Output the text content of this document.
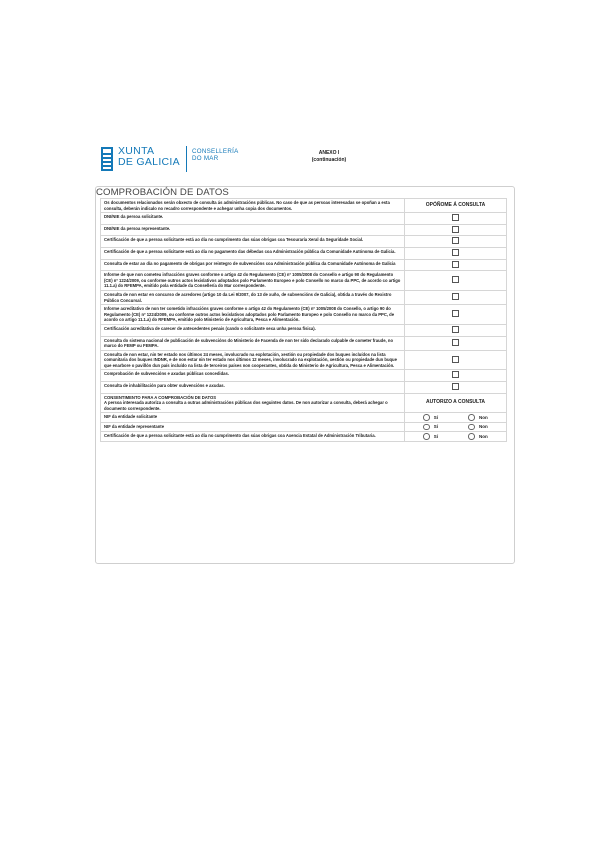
XUNTA
DE GALICIA
CONSELLERÍA
DO MAR
ANEXO I
(continuación)
COMPROBACIÓN DE DATOS
Os documentos relacionados serán obxecto de consulta ás administracións públicas. No caso de que as persoas interesadas se opoñan a esta consulta, deberán indicalo no recadro correspondente e achegar unha copia dos documentos.	OPÓÑOME Á CONSULTA
DNI/NIE da persoa solicitante.	
DNI/NIE da persoa representante.	
Certificación de que a persoa solicitante está ao día no cumprimento das súas obrigas coa Tesouraría Xeral da Seguridade Social.	
Certificación de que a persoa solicitante está ao día no pagamento das débedas coa Administración pública da Comunidade Autónoma de Galicia.	
Consulta de estar ao día no pagamento de obrigas por reintegro de subvencións coa Administración pública da Comunidade Autónoma de Galicia	
Informe de que non cometeu infraccións graves conforme o artigo 42 do Regulamento (CE) nº 1005/2008 do Consello e artigo 90 do Regulamento (CE) nº 1224/2009, ou conforme outros actos lexislativos adoptados polo Parlamento Europeo e polo Consello no marco da PPC, de acordo co artigo 11.1.a) do RFEMPA, emitido pola entidade da Consellería do Mar correspondente.	
Consulta de non estar en concurso de acredores (artigo 10 da Lei 9/2007, do 13 de xuño, de subvencións de Galicia), obtida a través do Rexistro Público Concursal.	
Informe acreditativo de non ter cometido infraccións graves conforme o artigo 42 do Regulamento (CE) nº 1005/2008 do Consello, o artigo 90 do Regulamento (CE) nº 1224/2009, ou conforme outros actos lexislativos adoptados polo Parlamento Europeo e polo Consello no marco da PPC, de acordo co artigo 11.1.a) do RFEMPA, emitido polo Ministerio de Agricultura, Pesca e Alimentación.	
Certificación acreditativa de carecer de antecedentes penais (cando o solicitante sexa unha persoa física).	
Consulta do sistema nacional de publicación de subvencións do Ministerio de Facenda de non ter sido declarado culpable de cometer fraude, no marco do FEMP ou FEMPA.	
Consulta de non estar, nin ter estado nos últimos 24 meses, involucrado na explotación, xestión ou propiedade dos buques incluídos na lista comunitaria dos buques INDNR, e de non estar nin ter estado nos últimos 12 meses, involucrado na explotación, xestión ou propiedade dun buque que enarbore o pavillón dun país incluído na lista de terceiros países non cooperantes, obtida do Ministerio de Agricultura, Pesca e Alimentación.	
Comprobación de subvencións e axudas públicas concedidas.	
Consulta de inhabilitación para obter subvencións e axudas.	

CONSENTIMENTO PARA A COMPROBACIÓN DE DATOS
A persoa interesada autoriza a consulta a outras administracións públicas dos seguintes datos. De non autorizar a consulta, deberá achegar o documento correspondente.	AUTORIZO A CONSULTA
NIF da entidade solicitante	Sí Non

NIF da entidade representante	Sí Non

Certificación de que a persoa solicitante está ao día no cumprimento das súas obrigas coa Axencia Estatal de Administración Tributaria.	Sí Non
